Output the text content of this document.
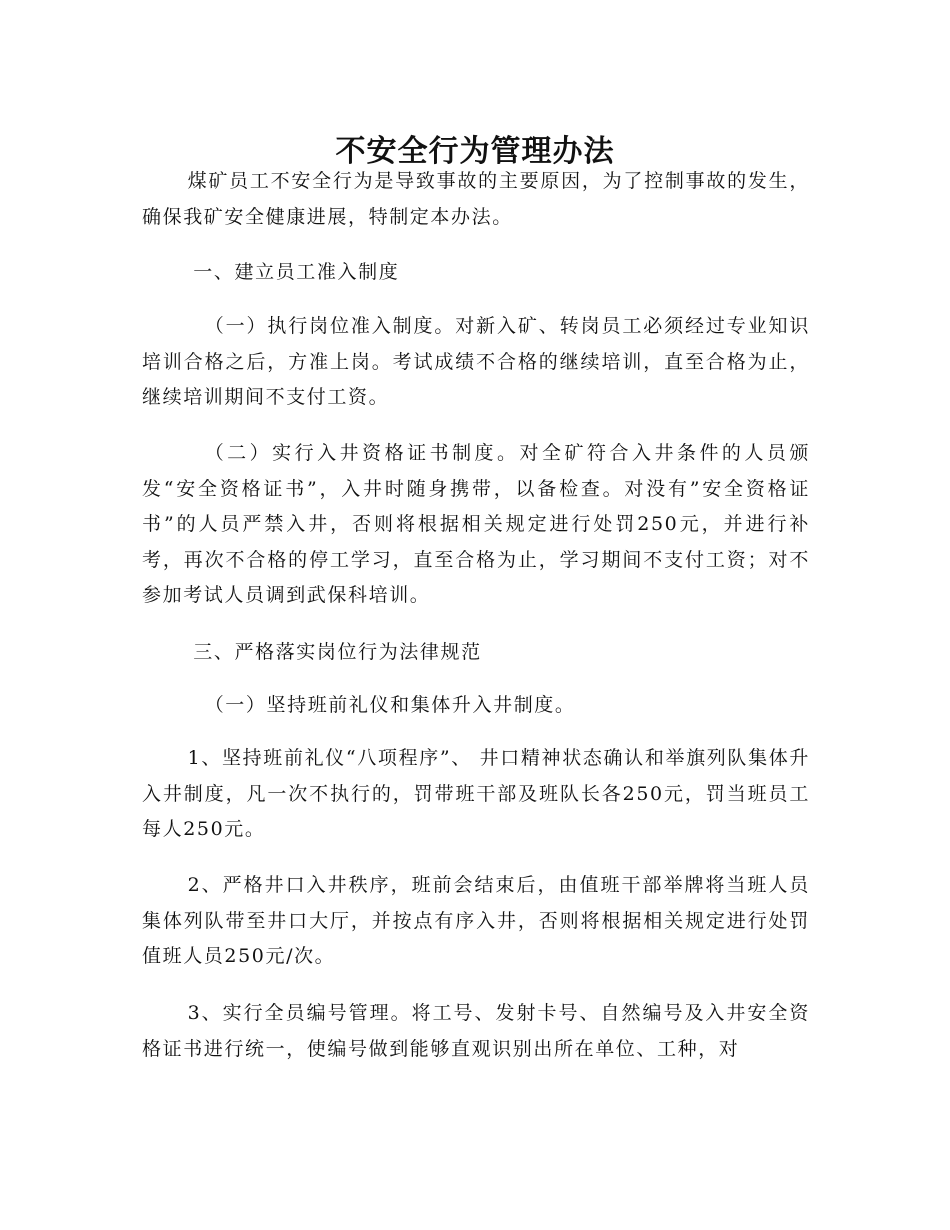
不安全行为管理办法

煤矿员工不安全行为是导致事故的主要原因，为了控制事故的发生，确保我矿安全健康进展，特制定本办法。

一、建立员工准入制度

（一）执行岗位准入制度。对新入矿、转岗员工必须经过专业知识培训合格之后，方准上岗。考试成绩不合格的继续培训，直至合格为止，继续培训期间不支付工资。

（二）实行入井资格证书制度。对全矿符合入井条件的人员颁发“安全资格证书”，入井时随身携带，以备检查。对没有”安全资格证书”的人员严禁入井，否则将根据相关规定进行处罚250元，并进行补考，再次不合格的停工学习，直至合格为止，学习期间不支付工资；对不参加考试人员调到武保科培训。

三、严格落实岗位行为法律规范

（一）坚持班前礼仪和集体升入井制度。

1、坚持班前礼仪“八项程序”、 井口精神状态确认和举旗列队集体升入井制度，凡一次不执行的，罚带班干部及班队长各250元，罚当班员工每人250元。

2、严格井口入井秩序，班前会结束后，由值班干部举牌将当班人员集体列队带至井口大厅，并按点有序入井，否则将根据相关规定进行处罚值班人员250元/次。

3、实行全员编号管理。将工号、发射卡号、自然编号及入井安全资格证书进行统一，使编号做到能够直观识别出所在单位、工种，对
